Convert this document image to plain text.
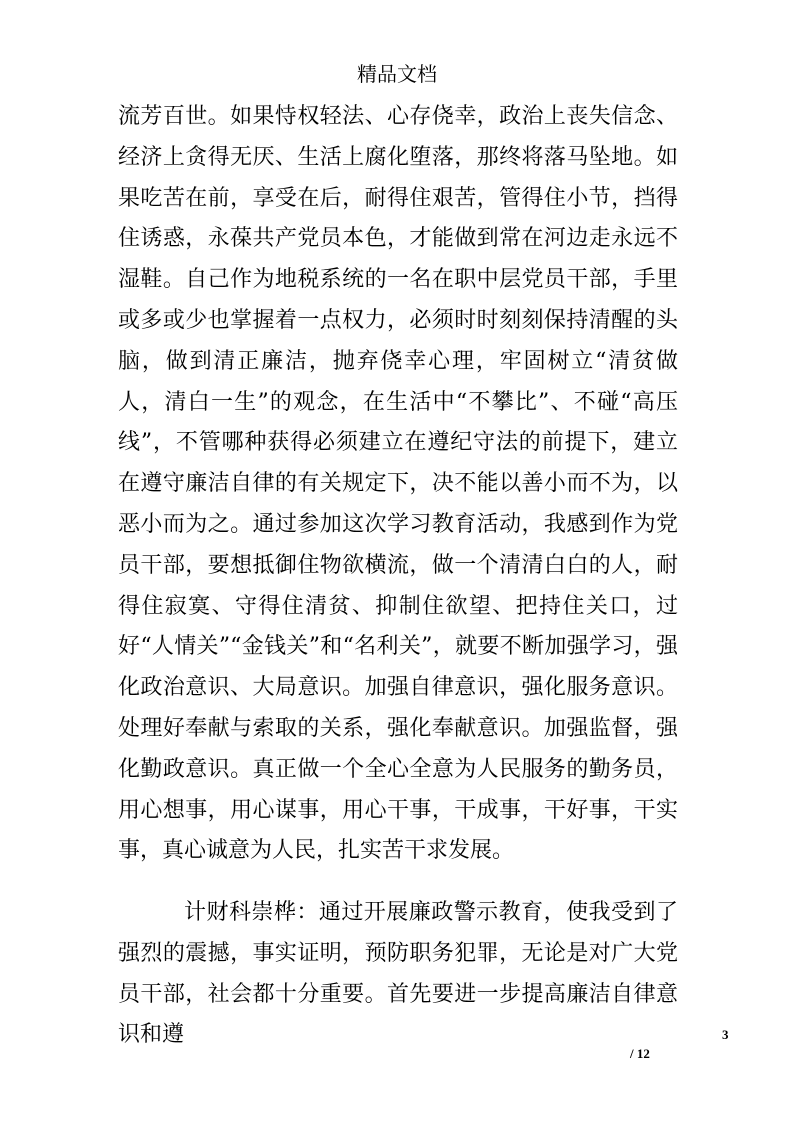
精品文档

流芳百世。如果恃权轻法、心存侥幸，政治上丧失信念、经济上贪得无厌、生活上腐化堕落，那终将落马坠地。如果吃苦在前，享受在后，耐得住艰苦，管得住小节，挡得住诱惑，永葆共产党员本色，才能做到常在河边走永远不湿鞋。自己作为地税系统的一名在职中层党员干部，手里或多或少也掌握着一点权力，必须时时刻刻保持清醒的头脑，做到清正廉洁，抛弃侥幸心理，牢固树立“清贫做人，清白一生”的观念，在生活中“不攀比”、不碰“高压线”，不管哪种获得必须建立在遵纪守法的前提下，建立在遵守廉洁自律的有关规定下，决不能以善小而不为，以恶小而为之。通过参加这次学习教育活动，我感到作为党员干部，要想抵御住物欲横流，做一个清清白白的人，耐得住寂寞、守得住清贫、抑制住欲望、把持住关口，过好“人情关”“金钱关”和“名利关”，就要不断加强学习，强化政治意识、大局意识。加强自律意识，强化服务意识。处理好奉献与索取的关系，强化奉献意识。加强监督，强化勤政意识。真正做一个全心全意为人民服务的勤务员，用心想事，用心谋事，用心干事，干成事，干好事，干实事，真心诚意为人民，扎实苦干求发展。

计财科崇桦：通过开展廉政警示教育，使我受到了强烈的震撼，事实证明，预防职务犯罪，无论是对广大党员干部，社会都十分重要。首先要进一步提高廉洁自律意识和遵	3
/ 12
